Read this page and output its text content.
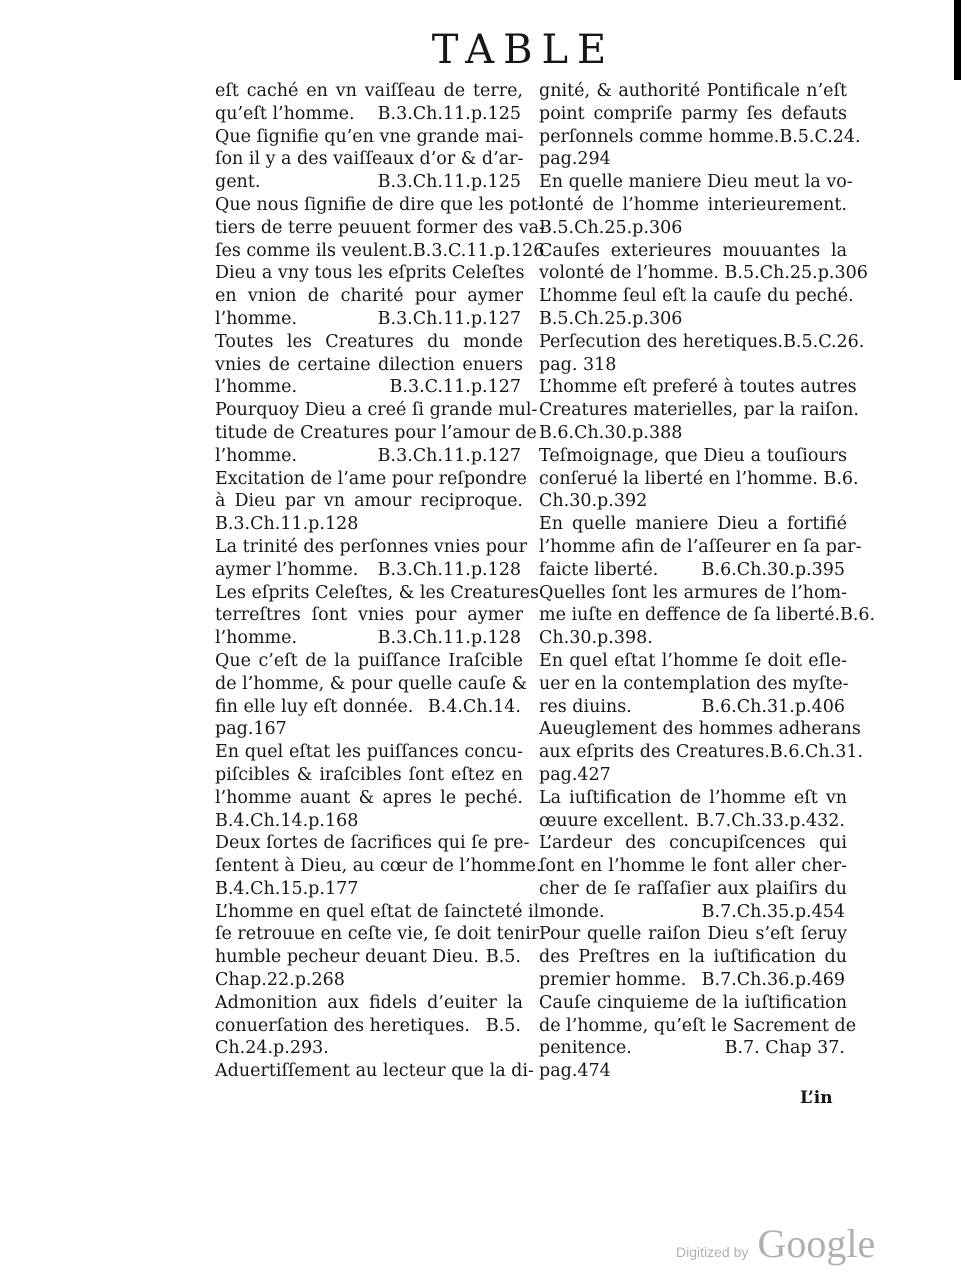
TABLE
eſt caché en vn vaiſſeau de terre,
qu’eſt l’homme. B.3.Ch.11.p.125
Que ſignifie qu’en vne grande mai-
ſon il y a des vaiſſeaux d’or & d’ar-
gent.	B.3.Ch.11.p.125
Que nous ſignifie de dire que les pot-
tiers de terre peuuent former des va-
ſes comme ils veulent. B.3.C.11.p.126
Dieu a vny tous les eſprits Celeſtes
en vnion de charité pour aymer
l’homme.	B.3.Ch.11.p.127
Toutes les Creatures du monde
vnies de certaine dilection enuers
l’homme.	B.3.C.11.p.127
Pourquoy Dieu a creé ſi grande mul-
titude de Creatures pour l’amour de
l’homme.	B.3.Ch.11.p.127
Excitation de l’ame pour reſpondre
à Dieu par vn amour reciproque.
B.3.Ch.11.p.128
La trinité des perſonnes vnies pour
aymer l’homme. B.3.Ch.11.p.128
Les eſprits Celeſtes, & les Creatures
terreſtres ſont vnies pour aymer
l’homme.	B.3.Ch.11.p.128
Que c’eſt de la puiſſance Iraſcible
de l’homme, & pour quelle cauſe &
fin elle luy eſt donnée. B.4.Ch.14.
pag.167
En quel eſtat les puiſſances concu-
piſcibles & iraſcibles ſont eſtez en
l’homme auant & apres le peché.
B.4.Ch.14.p.168
Deux ſortes de ſacrifices qui ſe pre-
ſentent à Dieu, au cœur de l’homme.
B.4.Ch.15.p.177
L’homme en quel eſtat de ſaincteté il
ſe retrouue en ceſte vie, ſe doit tenir
humble pecheur deuant Dieu. B.5.
Chap.22.p.268
Admonition aux fidels d’euiter la
conuerſation des heretiques. B.5.
Ch.24.p.293.
Aduertiſſement au lecteur que la di-
gnité, & authorité Pontificale n’eſt
point compriſe parmy ſes defauts
perſonnels comme homme.B.5.C.24.
pag.294
En quelle maniere Dieu meut la vo-
lonté de l’homme interieurement.
B.5.Ch.25.p.306
Cauſes exterieures mouuantes la
volonté de l’homme. B.5.Ch.25.p.306
L’homme ſeul eſt la cauſe du peché.
B.5.Ch.25.p.306
Perſecution des heretiques.B.5.C.26.
pag. 318
L’homme eſt preferé à toutes autres
Creatures materielles, par la raiſon.
B.6.Ch.30.p.388
Teſmoignage, que Dieu a touſiours
conſerué la liberté en l’homme. B.6.
Ch.30.p.392
En quelle maniere Dieu a fortifié
l’homme afin de l’aſſeurer en ſa par-
faicte liberté. B.6.Ch.30.p.395
Quelles ſont les armures de l’hom-
me iuſte en deffence de ſa liberté.B.6.
Ch.30.p.398.
En quel eſtat l’homme ſe doit eſle-
uer en la contemplation des myſte-
res diuins.	B.6.Ch.31.p.406
Aueuglement des hommes adherans
aux eſprits des Creatures.B.6.Ch.31.
pag.427
La iuſtification de l’homme eſt vn
œuure excellent. B.7.Ch.33.p.432.
L’ardeur des concupiſcences qui
ſont en l’homme le font aller cher-
cher de ſe raſſaſier aux plaiſirs du
monde.	B.7.Ch.35.p.454
Pour quelle raiſon Dieu s’eſt ſeruy
des Preſtres en la iuſtification du
premier homme. B.7.Ch.36.p.469
Cauſe cinquieme de la iuſtification
de l’homme, qu’eſt le Sacrement de
penitence.	B.7. Chap 37.
pag.474
L’in
Digitized by Google
